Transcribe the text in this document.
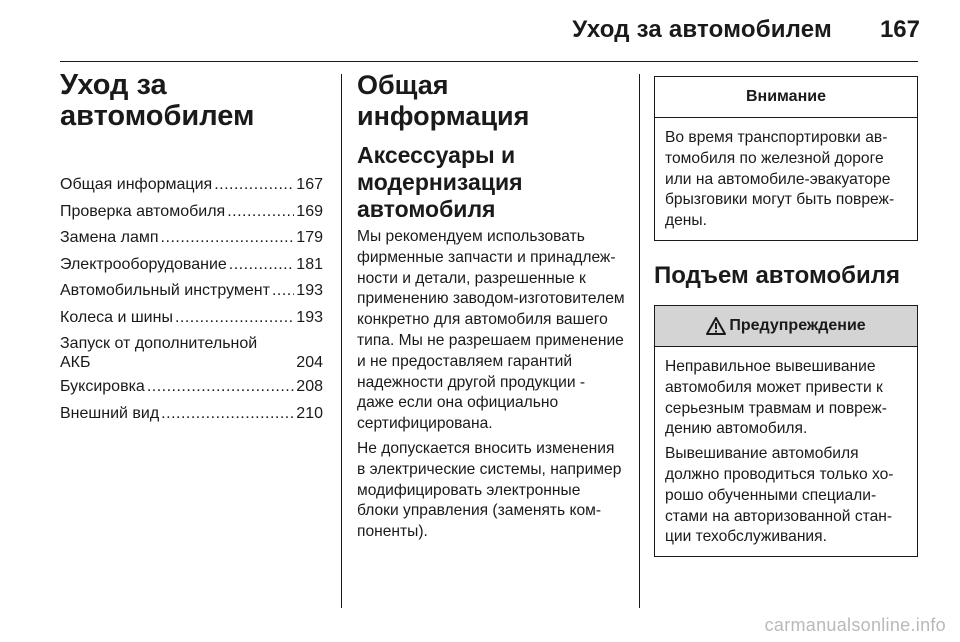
Уход за автомобилем 167
Уход за автомобилем
Общая информация .....	167
Проверка автомобиля .....	169
Замена ламп .....	179
Электрооборудование .....	181
Автомобильный инструмент ..... 193
Колеса и шины .....	193
Запуск от дополнительной
АКБ	204
Буксировка .....	208
Внешний вид .....	210
Общая информация
Аксессуары и модернизация автомобиля

Мы рекомендуем использовать фирменные запчасти и принадлежности и детали, разрешенные к применению заводом-изготовителем конкретно для автомобиля вашего типа. Мы не разрешаем применение и не предоставляем гарантий надежности другой продукции - даже если она официально сертифицирована.

Не допускается вносить изменения в электрические системы, например модифицировать электронные блоки управления (заменять компоненты).

Внимание

Во время транспортировки автомобиля по железной дороге или на автомобиле-эвакуаторе брызговики могут быть повреждены.

Подъем автомобиля
Предупреждение

Неправильное вывешивание автомобиля может привести к серьезным травмам и повреждению автомобиля.

Вывешивание автомобиля должно проводиться только хорошо обученными специалистами на авторизованной станции техобслуживания.

carmanualsonline.info
